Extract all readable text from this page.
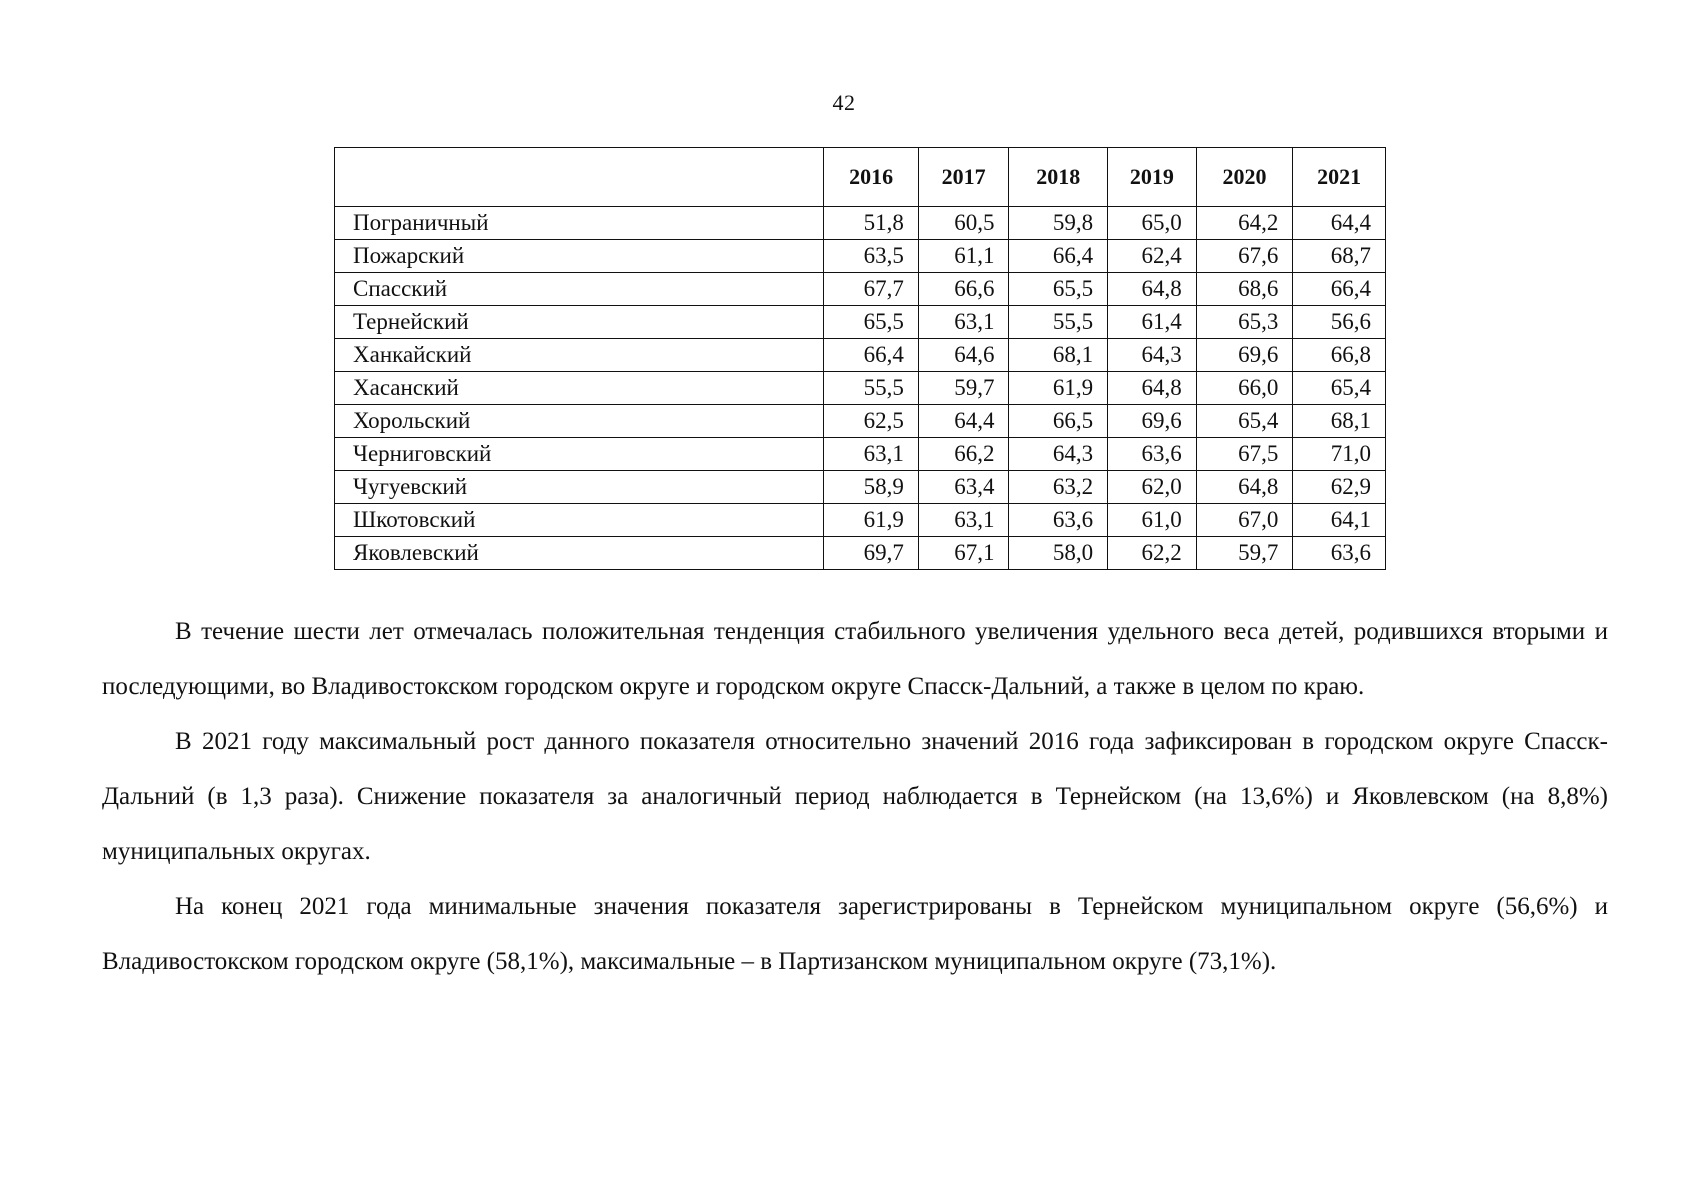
42
	2016	2017	2018	2019	2020	2021
Пограничный	51,8	60,5	59,8	65,0	64,2	64,4
Пожарский	63,5	61,1	66,4	62,4	67,6	68,7
Спасский	67,7	66,6	65,5	64,8	68,6	66,4
Тернейский	65,5	63,1	55,5	61,4	65,3	56,6
Ханкайский	66,4	64,6	68,1	64,3	69,6	66,8
Хасанский	55,5	59,7	61,9	64,8	66,0	65,4
Хорольский	62,5	64,4	66,5	69,6	65,4	68,1
Черниговский	63,1	66,2	64,3	63,6	67,5	71,0
Чугуевский	58,9	63,4	63,2	62,0	64,8	62,9
Шкотовский	61,9	63,1	63,6	61,0	67,0	64,1
Яковлевский	69,7	67,1	58,0	62,2	59,7	63,6

В течение шести лет отмечалась положительная тенденция стабильного увеличения удельного веса детей, родившихся вторыми и последующими, во Владивостокском городском округе и городском округе Спасск-Дальний, а также в целом по краю.

В 2021 году максимальный рост данного показателя относительно значений 2016 года зафиксирован в городском округе Спасск-Дальний (в 1,3 раза). Снижение показателя за аналогичный период наблюдается в Тернейском (на 13,6%) и Яковлевском (на 8,8%) муниципальных округах.

На конец 2021 года минимальные значения показателя зарегистрированы в Тернейском муниципальном округе (56,6%) и Владивостокском городском округе (58,1%), максимальные – в Партизанском муниципальном округе (73,1%).
